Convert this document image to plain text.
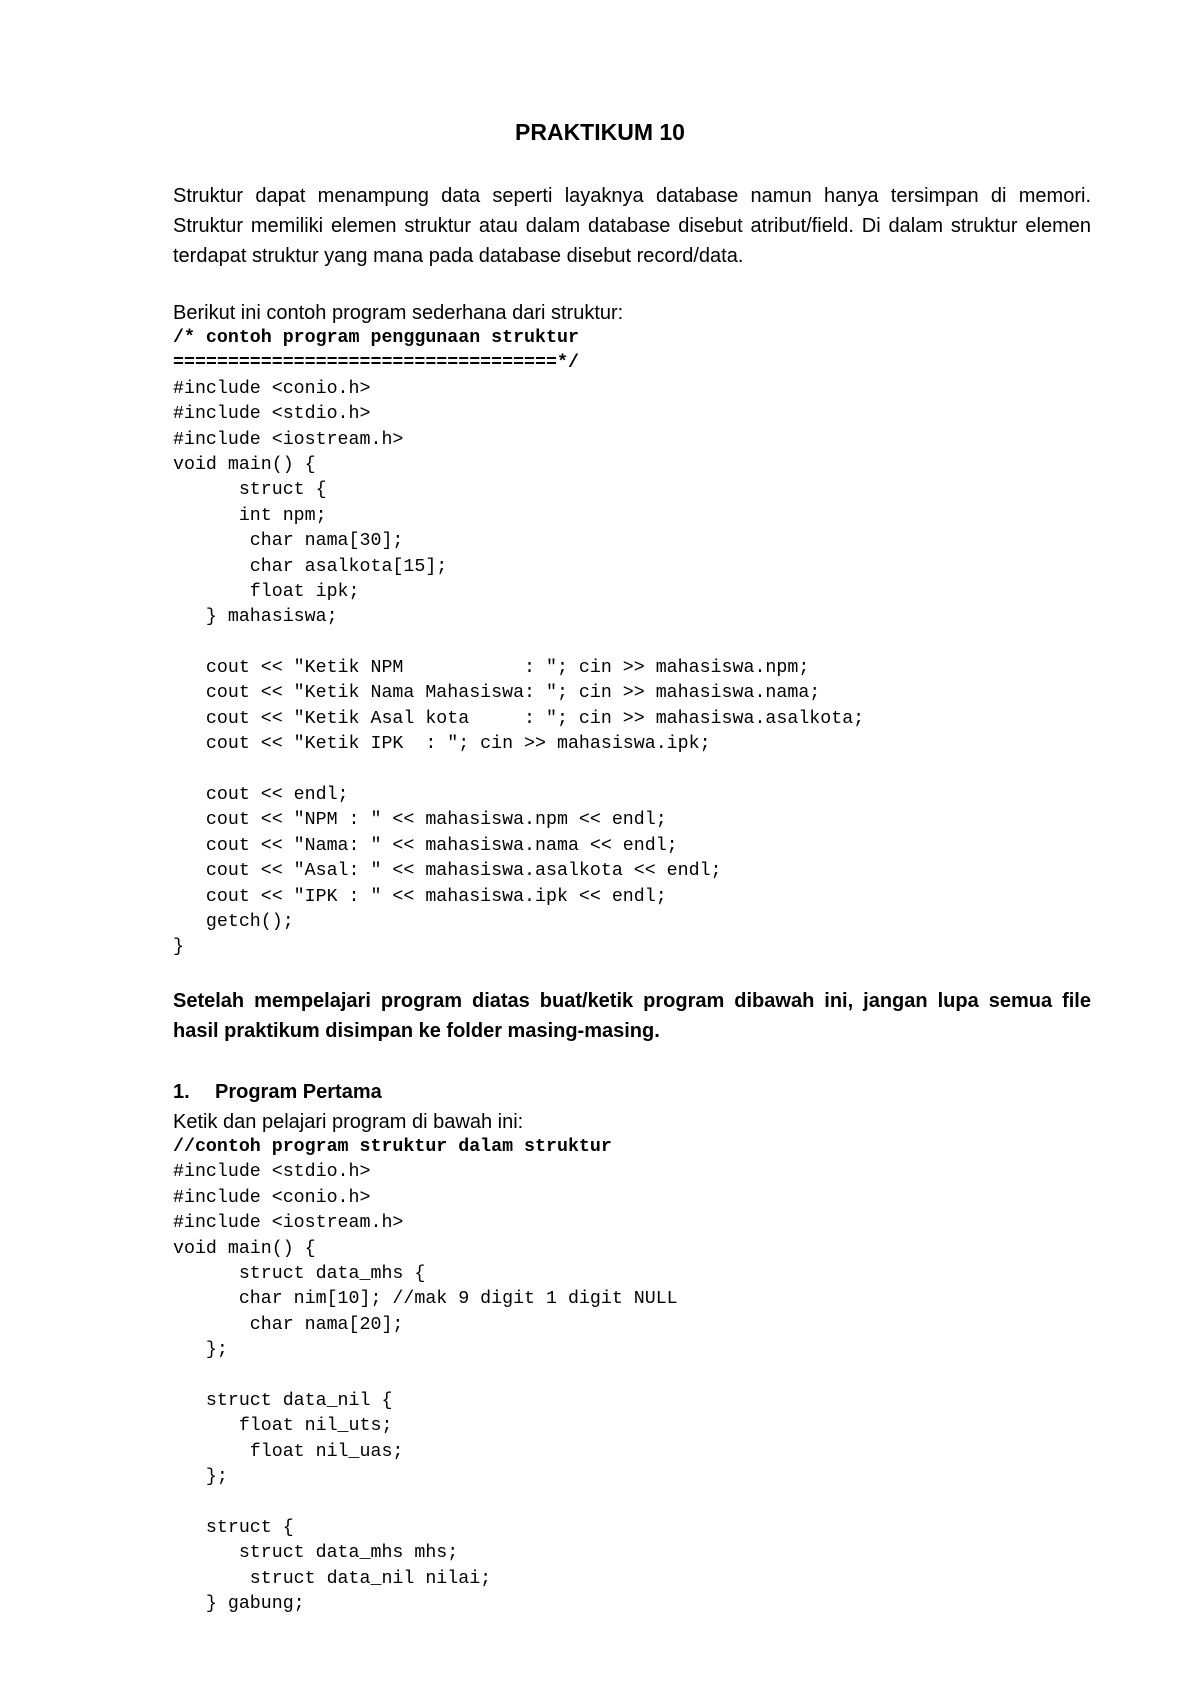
PRAKTIKUM 10
Struktur dapat menampung data seperti layaknya database namun hanya tersimpan di memori. Struktur memiliki elemen struktur atau dalam database disebut atribut/field. Di dalam struktur elemen terdapat struktur yang mana pada database disebut record/data.
Berikut ini contoh program sederhana dari struktur:
/* contoh program penggunaan struktur
===================================*/
#include <conio.h>
#include <stdio.h>
#include <iostream.h>
void main() {
struct {
int npm;
char nama[30];
char asalkota[15];
float ipk;
} mahasiswa;
cout << "Ketik NPM           : "; cin >> mahasiswa.npm;
cout << "Ketik Nama Mahasiswa: "; cin >> mahasiswa.nama;
cout << "Ketik Asal kota     : "; cin >> mahasiswa.asalkota;
cout << "Ketik IPK  : "; cin >> mahasiswa.ipk;
cout << endl;
cout << "NPM : " << mahasiswa.npm << endl;
cout << "Nama: " << mahasiswa.nama << endl;
cout << "Asal: " << mahasiswa.asalkota << endl;
cout << "IPK : " << mahasiswa.ipk << endl;
getch();
}
Setelah mempelajari program diatas buat/ketik program dibawah ini, jangan lupa semua file hasil praktikum disimpan ke folder masing-masing.
1. Program Pertama
Ketik dan pelajari program di bawah ini:
//contoh program struktur dalam struktur
#include <stdio.h>
#include <conio.h>
#include <iostream.h>
void main() {
struct data_mhs {
char nim[10]; //mak 9 digit 1 digit NULL
char nama[20];
};
struct data_nil {
float nil_uts;
float nil_uas;
};
struct {
struct data_mhs mhs;
struct data_nil nilai;
} gabung;
